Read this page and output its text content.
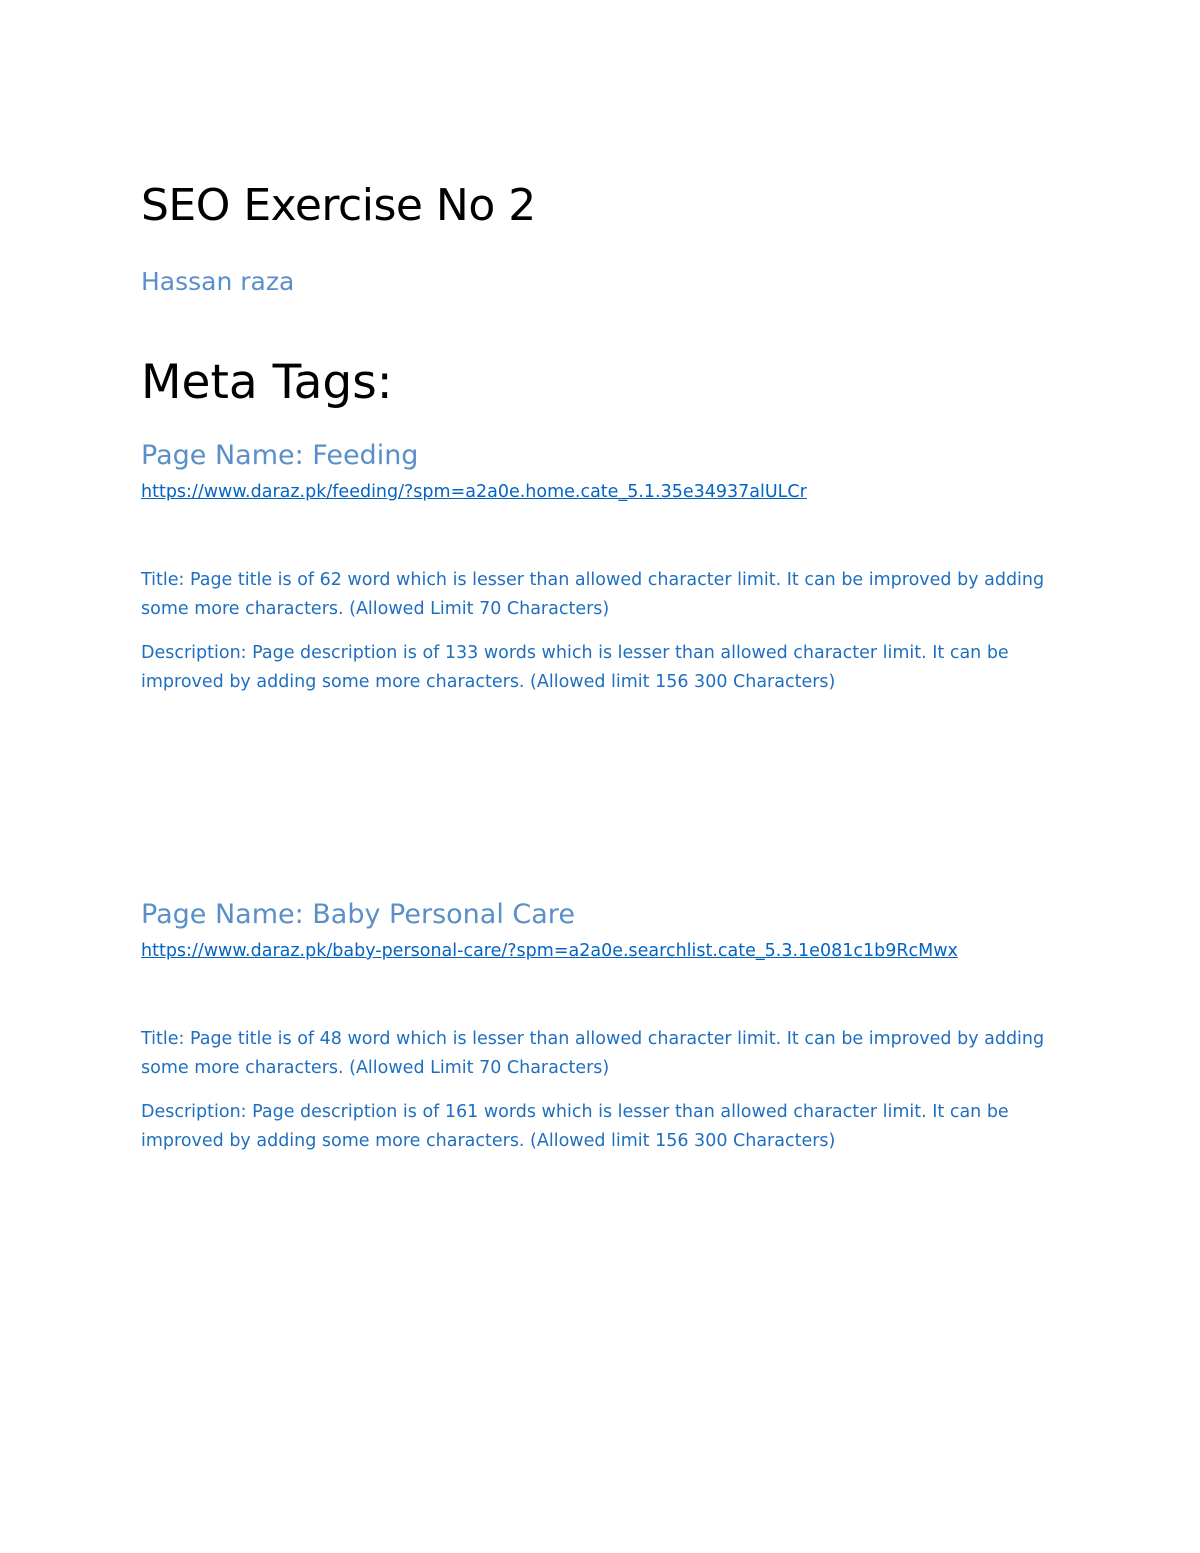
SEO Exercise No 2
Hassan raza
Meta Tags:
Page Name: Feeding
https://www.daraz.pk/feeding/?spm=a2a0e.home.cate_5.1.35e34937alULCr

Title: Page title is of 62 word which is lesser than allowed character limit. It can be improved by adding some more characters. (Allowed Limit 70 Characters)

Description: Page description is of 133 words which is lesser than allowed character limit. It can be improved by adding some more characters. (Allowed limit 156 300 Characters)

Page Name: Baby Personal Care
https://www.daraz.pk/baby-personal-care/?spm=a2a0e.searchlist.cate_5.3.1e081c1b9RcMwx

Title: Page title is of 48 word which is lesser than allowed character limit. It can be improved by adding some more characters. (Allowed Limit 70 Characters)

Description: Page description is of 161 words which is lesser than allowed character limit. It can be improved by adding some more characters. (Allowed limit 156 300 Characters)
